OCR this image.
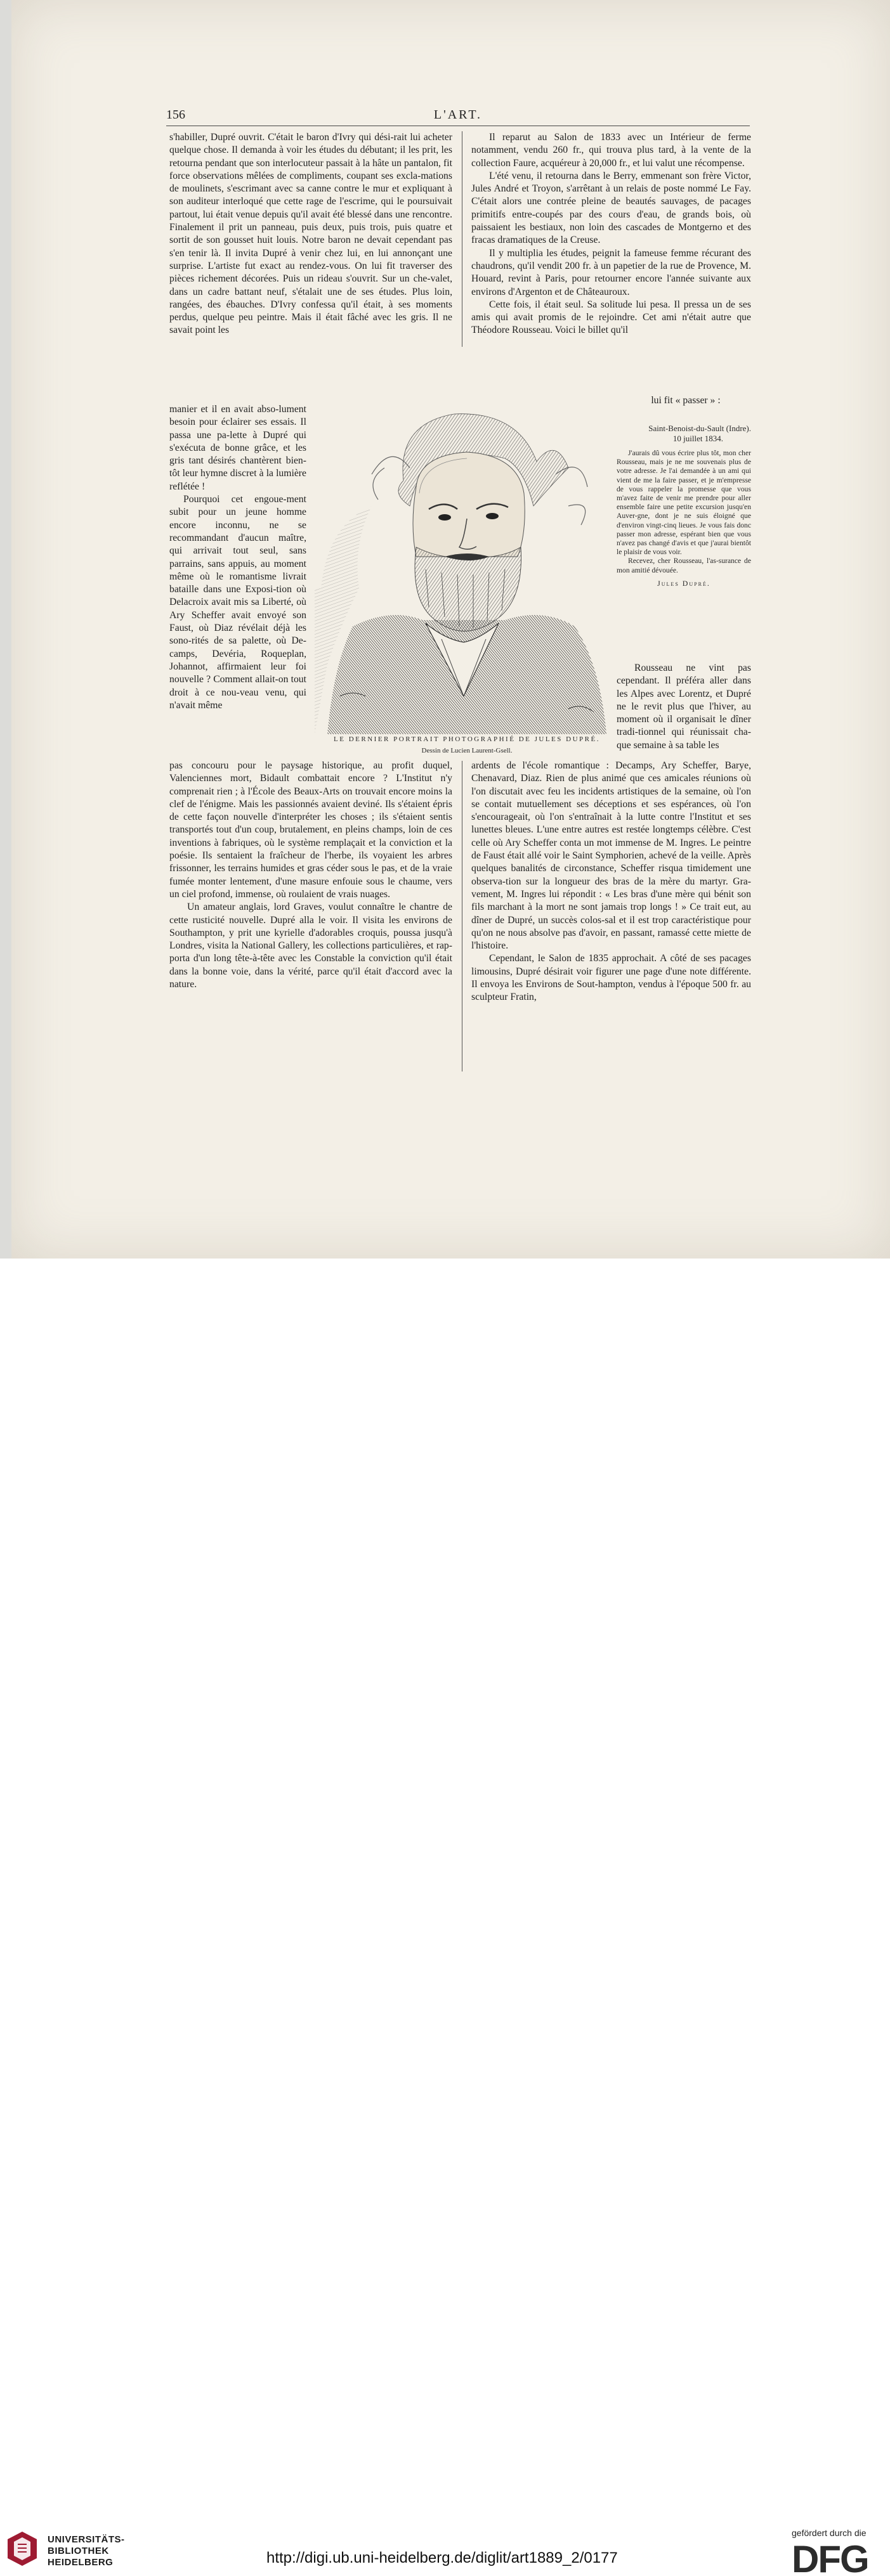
156	L'ART.

s'habiller, Dupré ouvrit. C'était le baron d'Ivry qui dési-rait lui acheter quelque chose. Il demanda à voir les études du débutant; il les prit, les retourna pendant que son interlocuteur passait à la hâte un pantalon, fit force observations mêlées de compliments, coupant ses excla-mations de moulinets, s'escrimant avec sa canne contre le mur et expliquant à son auditeur interloqué que cette rage de l'escrime, qui le poursuivait partout, lui était venue depuis qu'il avait été blessé dans une rencontre. Finalement il prit un panneau, puis deux, puis trois, puis quatre et sortit de son gousset huit louis. Notre baron ne devait cependant pas s'en tenir là. Il invita Dupré à venir chez lui, en lui annonçant une surprise. L'artiste fut exact au rendez-vous. On lui fit traverser des pièces richement décorées. Puis un rideau s'ouvrit. Sur un che-valet, dans un cadre battant neuf, s'étalait une de ses études. Plus loin, rangées, des ébauches. D'Ivry confessa qu'il était, à ses moments perdus, quelque peu peintre. Mais il était fâché avec les gris. Il ne savait point les

Il reparut au Salon de 1833 avec un Intérieur de ferme notamment, vendu 260 fr., qui trouva plus tard, à la vente de la collection Faure, acquéreur à 20,000 fr., et lui valut une récompense.

L'été venu, il retourna dans le Berry, emmenant son frère Victor, Jules André et Troyon, s'arrêtant à un relais de poste nommé Le Fay. C'était alors une contrée pleine de beautés sauvages, de pacages primitifs entre-coupés par des cours d'eau, de grands bois, où paissaient les bestiaux, non loin des cascades de Montgerno et des fracas dramatiques de la Creuse.

Il y multiplia les études, peignit la fameuse femme récurant des chaudrons, qu'il vendit 200 fr. à un papetier de la rue de Provence, M. Houard, revint à Paris, pour retourner encore l'année suivante aux environs d'Argenton et de Châteauroux.

Cette fois, il était seul. Sa solitude lui pesa. Il pressa un de ses amis qui avait promis de le rejoindre. Cet ami n'était autre que Théodore Rousseau. Voici le billet qu'il

manier et il en avait abso-lument besoin pour éclairer ses essais. Il passa une pa-lette à Dupré qui s'exécuta de bonne grâce, et les gris tant désirés chantèrent bien-tôt leur hymne discret à la lumière reflétée !

Pourquoi cet engoue-ment subit pour un jeune homme encore inconnu, ne se recommandant d'aucun maître, qui arrivait tout seul, sans parrains, sans appuis, au moment même où le romantisme livrait bataille dans une Exposi-tion où Delacroix avait mis sa Liberté, où Ary Scheffer avait envoyé son Faust, où Diaz révélait déjà les sono-rités de sa palette, où De-camps, Devéria, Roqueplan, Johannot, affirmaient leur foi nouvelle ? Comment allait-on tout droit à ce nou-veau venu, qui n'avait même

lui fit « passer » :
Saint-Benoist-du-Sault (Indre).
10 juillet 1834.

J'aurais dû vous écrire plus tôt, mon cher Rousseau, mais je ne me souvenais plus de votre adresse. Je l'ai demandée à un ami qui vient de me la faire passer, et je m'empresse de vous rappeler la promesse que vous m'avez faite de venir me prendre pour aller ensemble faire une petite excursion jusqu'en Auver-gne, dont je ne suis éloigné que d'environ vingt-cinq lieues. Je vous fais donc passer mon adresse, espérant bien que vous n'avez pas changé d'avis et que j'aurai bientôt le plaisir de vous voir.

Recevez, cher Rousseau, l'as-surance de mon amitié dévouée.

Jules Dupré.
LE DERNIER PORTRAIT PHOTOGRAPHIÉ DE JULES DUPRÉ.
Dessin de Lucien Laurent-Gsell.

Rousseau ne vint pas cependant. Il préféra aller dans les Alpes avec Lorentz, et Dupré ne le revit plus que l'hiver, au moment où il organisait le dîner tradi-tionnel qui réunissait cha-que semaine à sa table les

pas concouru pour le paysage historique, au profit duquel, Valenciennes mort, Bidault combattait encore ? L'Institut n'y comprenait rien ; à l'École des Beaux-Arts on trouvait encore moins la clef de l'énigme. Mais les passionnés avaient deviné. Ils s'étaient épris de cette façon nouvelle d'interpréter les choses ; ils s'étaient sentis transportés tout d'un coup, brutalement, en pleins champs, loin de ces inventions à fabriques, où le système remplaçait et la conviction et la poésie. Ils sentaient la fraîcheur de l'herbe, ils voyaient les arbres frissonner, les terrains humides et gras céder sous le pas, et de la vraie fumée monter lentement, d'une masure enfouie sous le chaume, vers un ciel profond, immense, où roulaient de vrais nuages.

Un amateur anglais, lord Graves, voulut connaître le chantre de cette rusticité nouvelle. Dupré alla le voir. Il visita les environs de Southampton, y prit une kyrielle d'adorables croquis, poussa jusqu'à Londres, visita la National Gallery, les collections particulières, et rap-porta d'un long tête-à-tête avec les Constable la conviction qu'il était dans la bonne voie, dans la vérité, parce qu'il était d'accord avec la nature.

ardents de l'école romantique : Decamps, Ary Scheffer, Barye, Chenavard, Diaz. Rien de plus animé que ces amicales réunions où l'on discutait avec feu les incidents artistiques de la semaine, où l'on se contait mutuellement ses déceptions et ses espérances, où l'on s'encourageait, où l'on s'entraînait à la lutte contre l'Institut et ses lunettes bleues. L'une entre autres est restée longtemps célèbre. C'est celle où Ary Scheffer conta un mot immense de M. Ingres. Le peintre de Faust était allé voir le Saint Symphorien, achevé de la veille. Après quelques banalités de circonstance, Scheffer risqua timidement une observa-tion sur la longueur des bras de la mère du martyr. Gra-vement, M. Ingres lui répondit : « Les bras d'une mère qui bénit son fils marchant à la mort ne sont jamais trop longs ! » Ce trait eut, au dîner de Dupré, un succès colos-sal et il est trop caractéristique pour qu'on ne nous absolve pas d'avoir, en passant, ramassé cette miette de l'histoire.

Cependant, le Salon de 1835 approchait. A côté de ses pacages limousins, Dupré désirait voir figurer une page d'une note différente. Il envoya les Environs de Sout-hampton, vendus à l'époque 500 fr. au sculpteur Fratin,

UNIVERSITÄTS-
BIBLIOTHEK
HEIDELBERG	http://digi.ub.uni-heidelberg.de/diglit/art1889_2/0177
gefördert durch die
DFG
